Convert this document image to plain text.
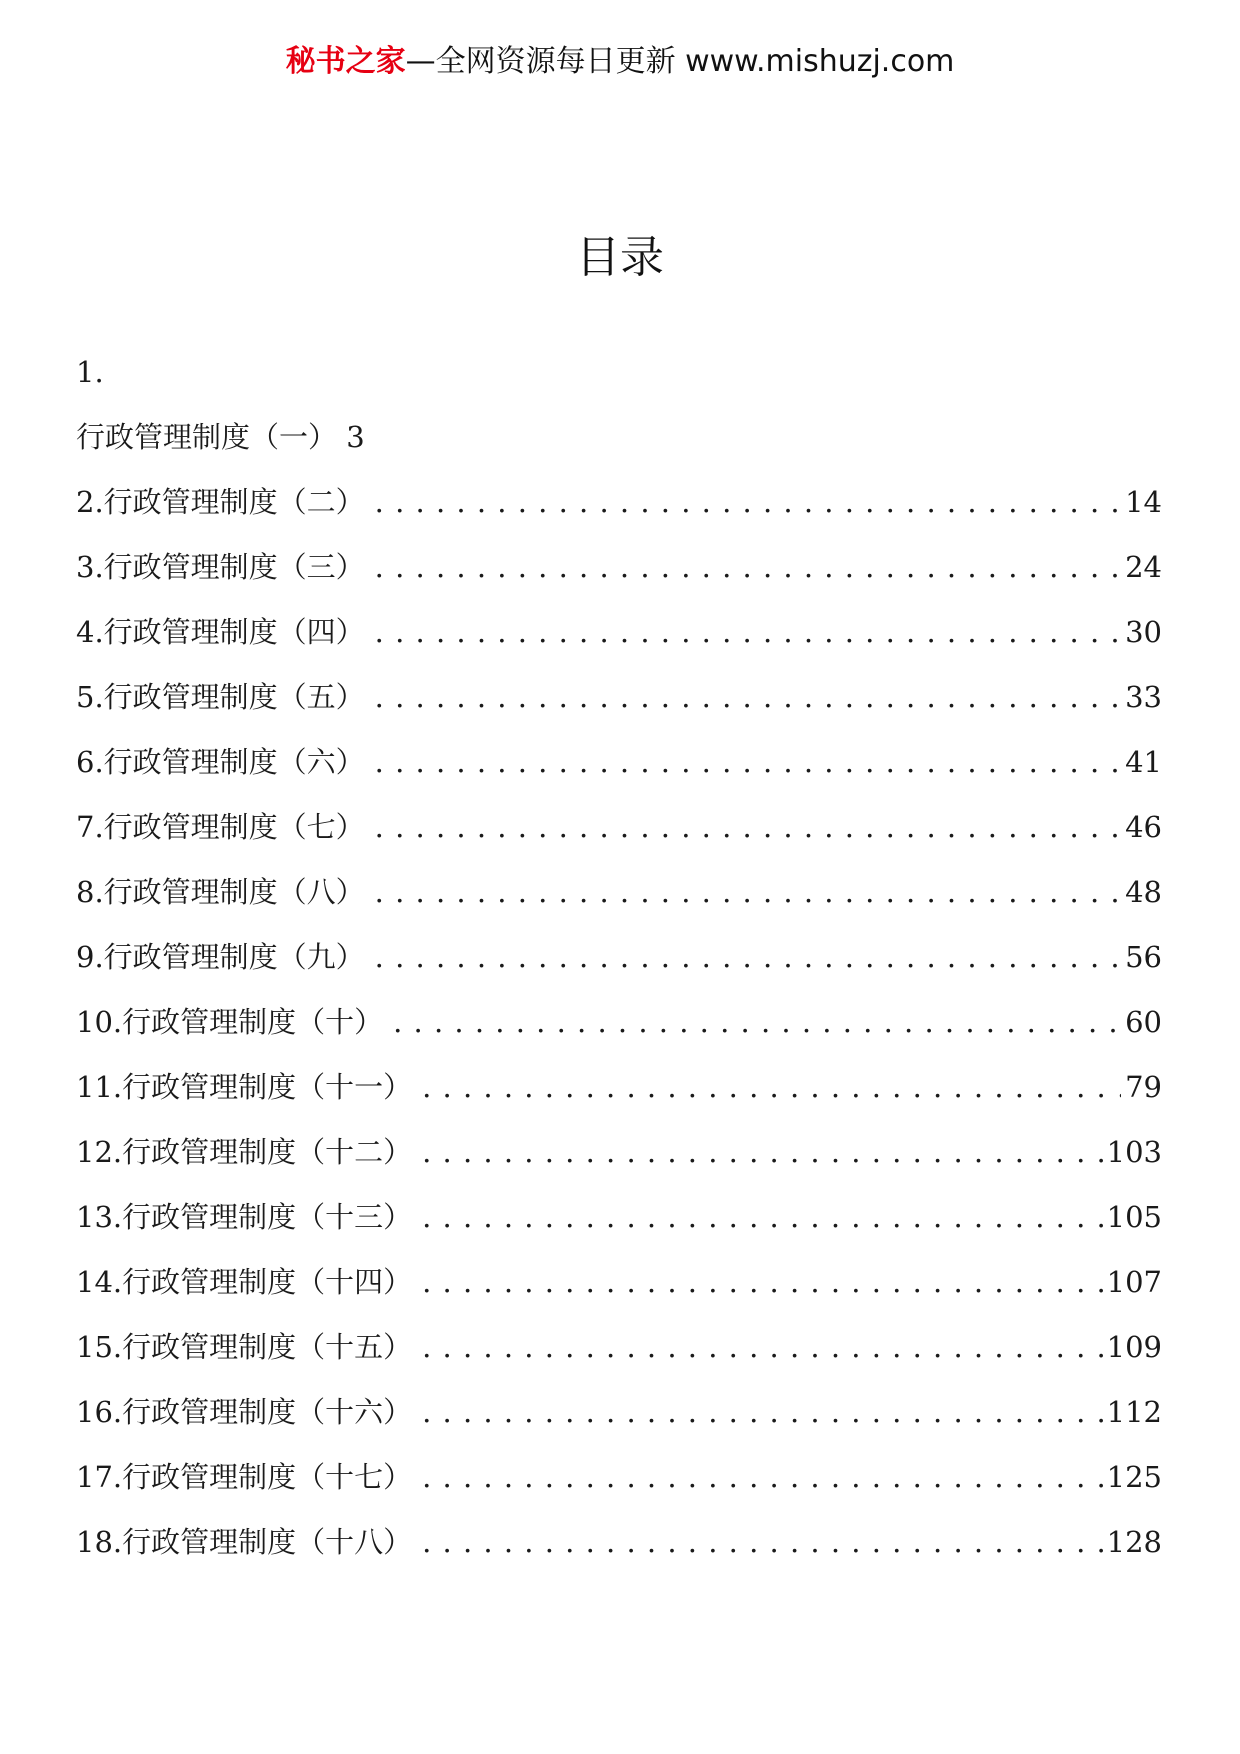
秘书之家—全网资源每日更新 www.mishuzj.com
目录
1.
行政管理制度（一） 3
2.行政管理制度（二） . . .	14
3.行政管理制度（三） . . .	24
4.行政管理制度（四） . . .	30
5.行政管理制度（五） . . .	33
6.行政管理制度（六） . . .	41
7.行政管理制度（七） . . .	46
8.行政管理制度（八） . . .	48
9.行政管理制度（九） . . .	56
10.行政管理制度（十） . . .	60
11.行政管理制度（十一） . . .	79
12.行政管理制度（十二） . . .	103
13.行政管理制度（十三） . . .	105
14.行政管理制度（十四） . . .	107
15.行政管理制度（十五） . . .	109
16.行政管理制度（十六） . . .	112
17.行政管理制度（十七） . . .	125
18.行政管理制度（十八） . . .	128
